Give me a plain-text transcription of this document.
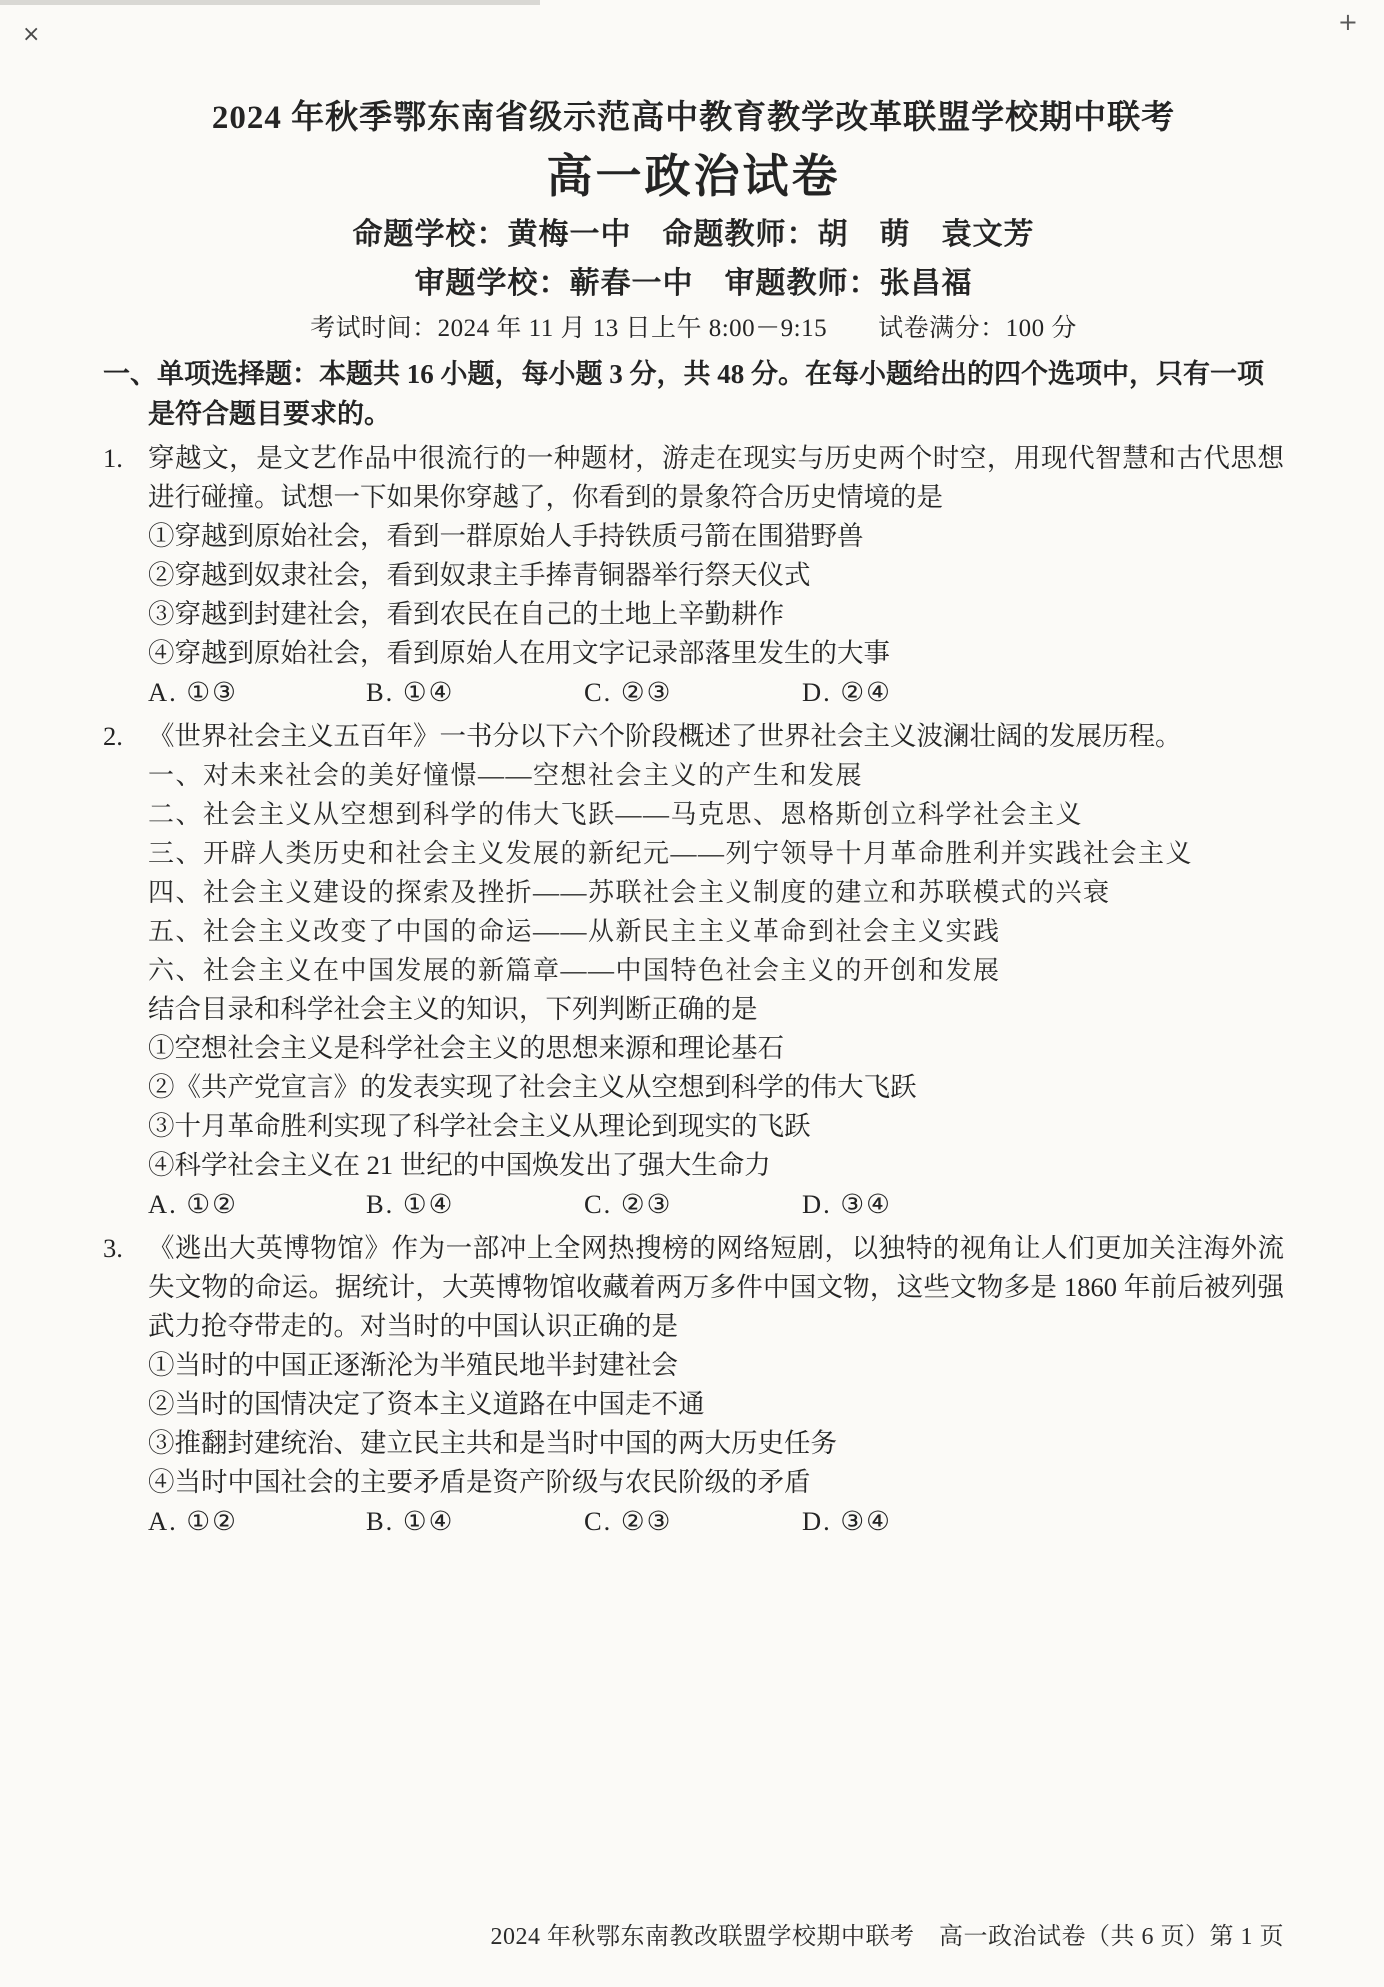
×	+
2024 年秋季鄂东南省级示范高中教育教学改革联盟学校期中联考
高一政治试卷
命题学校：黄梅一中　命题教师：胡　萌　袁文芳
审题学校：蕲春一中　审题教师：张昌福
考试时间：2024 年 11 月 13 日上午 8:00－9:15　　试卷满分：100 分
一、单项选择题：本题共 16 小题，每小题 3 分，共 48 分。在每小题给出的四个选项中，只有一项
是符合题目要求的。
1. 穿越文，是文艺作品中很流行的一种题材，游走在现实与历史两个时空，用现代智慧和古代思想进行碰撞。试想一下如果你穿越了，你看到的景象符合历史情境的是
①穿越到原始社会，看到一群原始人手持铁质弓箭在围猎野兽
②穿越到奴隶社会，看到奴隶主手捧青铜器举行祭天仪式
③穿越到封建社会，看到农民在自己的土地上辛勤耕作
④穿越到原始社会，看到原始人在用文字记录部落里发生的大事
A. ①③	B. ①④	C. ②③	D. ②④
2. 《世界社会主义五百年》一书分以下六个阶段概述了世界社会主义波澜壮阔的发展历程。
一、对未来社会的美好憧憬——空想社会主义的产生和发展
二、社会主义从空想到科学的伟大飞跃——马克思、恩格斯创立科学社会主义
三、开辟人类历史和社会主义发展的新纪元——列宁领导十月革命胜利并实践社会主义
四、社会主义建设的探索及挫折——苏联社会主义制度的建立和苏联模式的兴衰
五、社会主义改变了中国的命运——从新民主主义革命到社会主义实践
六、社会主义在中国发展的新篇章——中国特色社会主义的开创和发展
结合目录和科学社会主义的知识，下列判断正确的是
①空想社会主义是科学社会主义的思想来源和理论基石
②《共产党宣言》的发表实现了社会主义从空想到科学的伟大飞跃
③十月革命胜利实现了科学社会主义从理论到现实的飞跃
④科学社会主义在 21 世纪的中国焕发出了强大生命力
A. ①②	B. ①④	C. ②③	D. ③④
3. 《逃出大英博物馆》作为一部冲上全网热搜榜的网络短剧，以独特的视角让人们更加关注海外流失文物的命运。据统计，大英博物馆收藏着两万多件中国文物，这些文物多是 1860 年前后被列强武力抢夺带走的。对当时的中国认识正确的是
①当时的中国正逐渐沦为半殖民地半封建社会
②当时的国情决定了资本主义道路在中国走不通
③推翻封建统治、建立民主共和是当时中国的两大历史任务
④当时中国社会的主要矛盾是资产阶级与农民阶级的矛盾
A. ①②	B. ①④	C. ②③	D. ③④
2024 年秋鄂东南教改联盟学校期中联考　高一政治试卷（共 6 页）第 1 页
